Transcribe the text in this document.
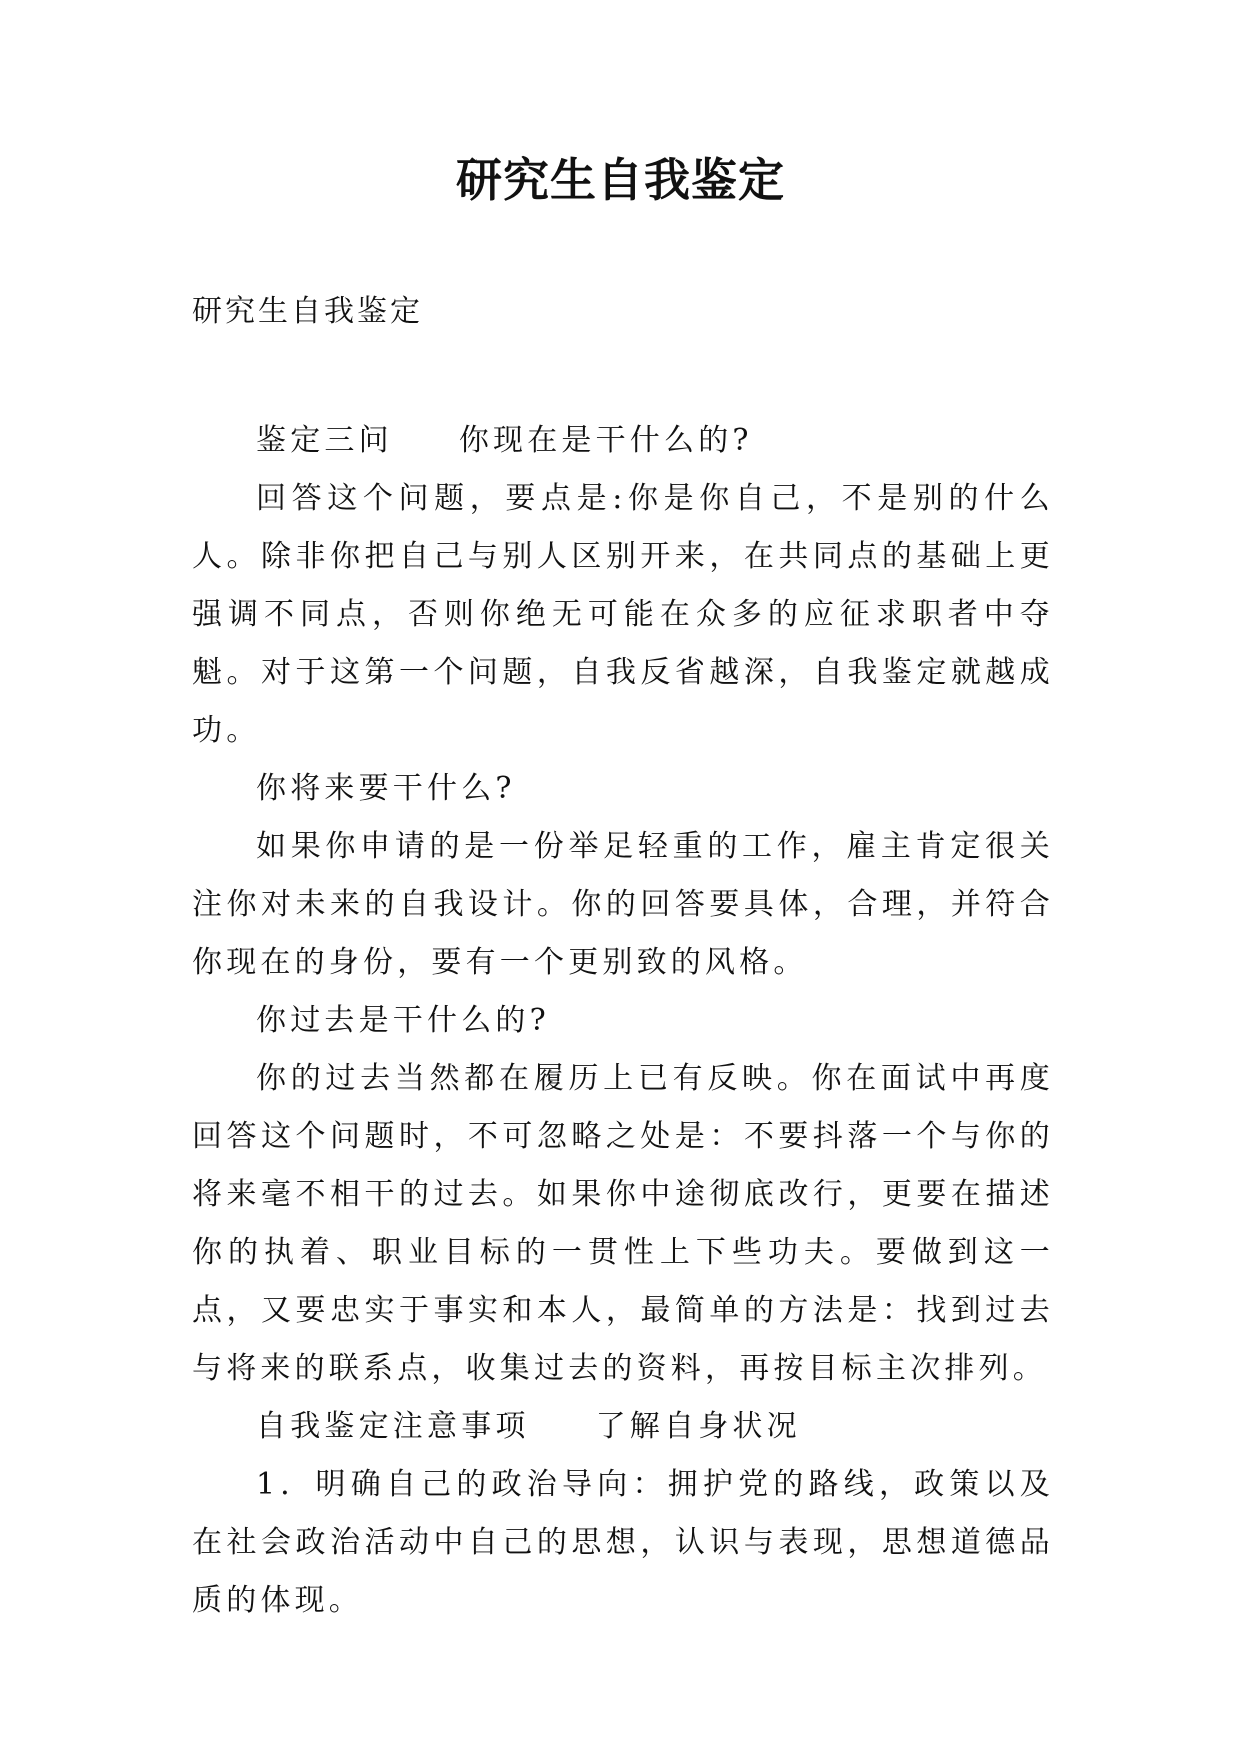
研究生自我鉴定

研究生自我鉴定

鉴定三问 你现在是干什么的?

回答这个问题，要点是:你是你自己，不是别的什么人。除非你把自己与别人区别开来，在共同点的基础上更强调不同点，否则你绝无可能在众多的应征求职者中夺魁。对于这第一个问题，自我反省越深，自我鉴定就越成功。

你将来要干什么?

如果你申请的是一份举足轻重的工作，雇主肯定很关注你对未来的自我设计。你的回答要具体，合理，并符合你现在的身份，要有一个更别致的风格。

你过去是干什么的?

你的过去当然都在履历上已有反映。你在面试中再度回答这个问题时，不可忽略之处是：不要抖落一个与你的将来毫不相干的过去。如果你中途彻底改行，更要在描述你的执着、职业目标的一贯性上下些功夫。要做到这一点，又要忠实于事实和本人，最简单的方法是：找到过去与将来的联系点，收集过去的资料，再按目标主次排列。

自我鉴定注意事项 了解自身状况

1．明确自己的政治导向：拥护党的路线，政策以及在社会政治活动中自己的思想，认识与表现，思想道德品质的体现。
